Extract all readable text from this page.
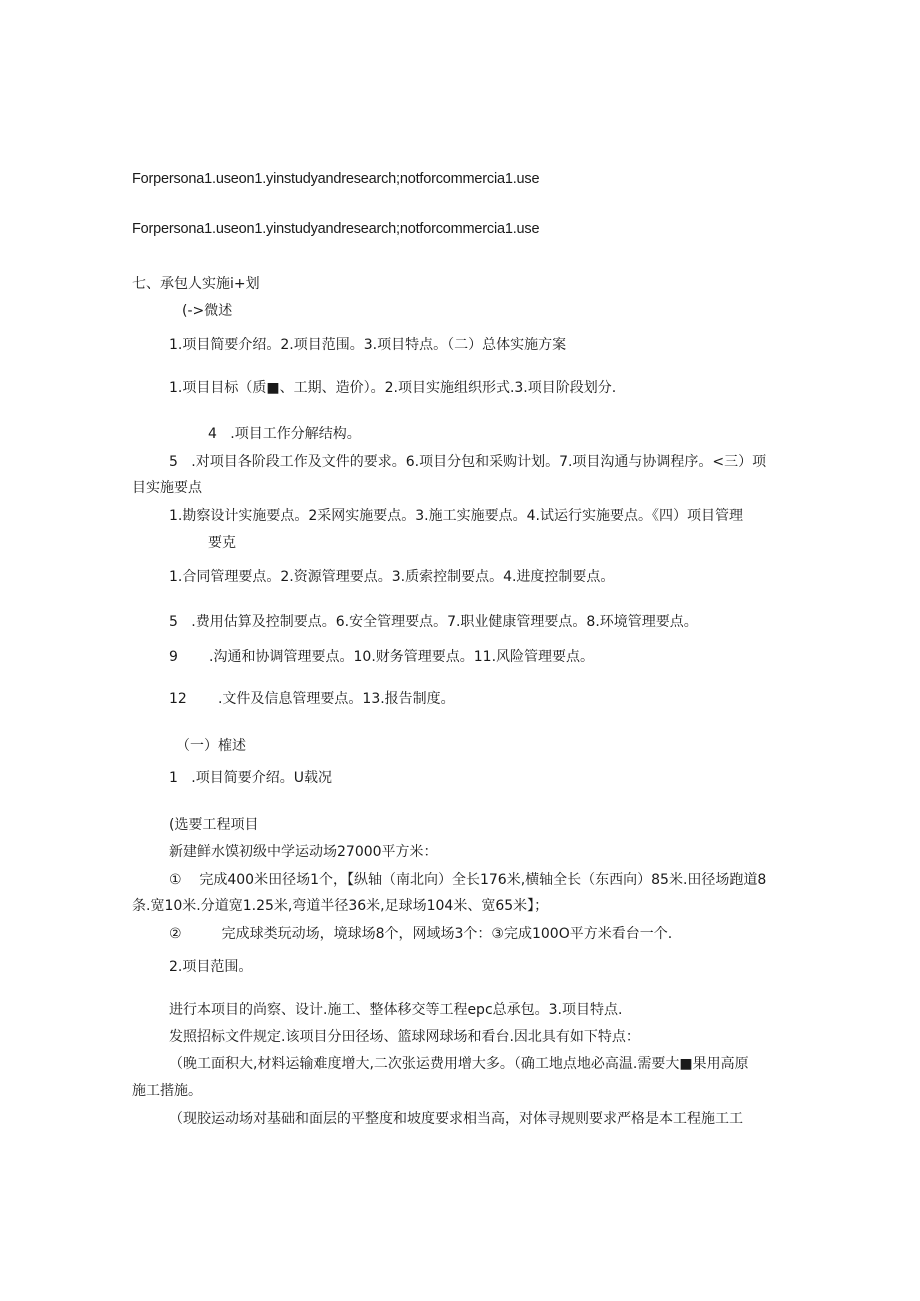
Forpersona1.useon1.yinstudyandresearch;notforcommercia1.use
Forpersona1.useon1.yinstudyandresearch;notforcommercia1.use
七、承包人实施i+划
(->微述
1.项目简要介绍。2.项目范围。3.项目特点。（二）总体实施方案
1.项目目标（质■、工期、造价）。2.项目实施组织形式.3.项目阶段划分.
4   .项目工作分解结构。
5   .对项目各阶段工作及文件的要求。6.项目分包和采购计划。7.项目沟通与协调程序。<三）项
目实施要点
1.勘察设计实施要点。2采网实施要点。3.施工实施要点。4.试运行实施要点。《四）项目管理
要克
1.合同管理要点。2.资源管理要点。3.质索控制要点。4.进度控制要点。
5   .费用估算及控制要点。6.安全管理要点。7.职业健康管理要点。8.环境管理要点。
9       .沟通和协调管理要点。10.财务管理要点。11.风险管理要点。
12       .文件及信息管理要点。13.报告制度。
（一）榷述
1   .项目简要介绍。U载况
(选要工程项目
新建鲜水馍初级中学运动场27000平方米：
①    完成400米田径场1个，【纵轴（南北向）全长176米,横轴全长（东西向）85米.田径场跑道8
条.宽10米.分道宽1.25米,弯道半径36米,足球场104米、宽65米】；
②         完成球类玩动场，境球场8个，网域场3个：③完成100O平方米看台一个.
2.项目范围。
进行本项目的尚察、设计.施工、整体移交等工程epc总承包。3.项目特点.
发照招标文件规定.该项目分田径场、篮球网球场和看台.因北具有如下特点：
（晚工面积大,材料运输难度增大,二次张运费用增大多。（确工地点地必高温.需要大■果用高原
施工揩施。
（现胶运动场对基础和面层的平整度和坡度要求相当高，对体寻规则要求严格是本工程施工工
